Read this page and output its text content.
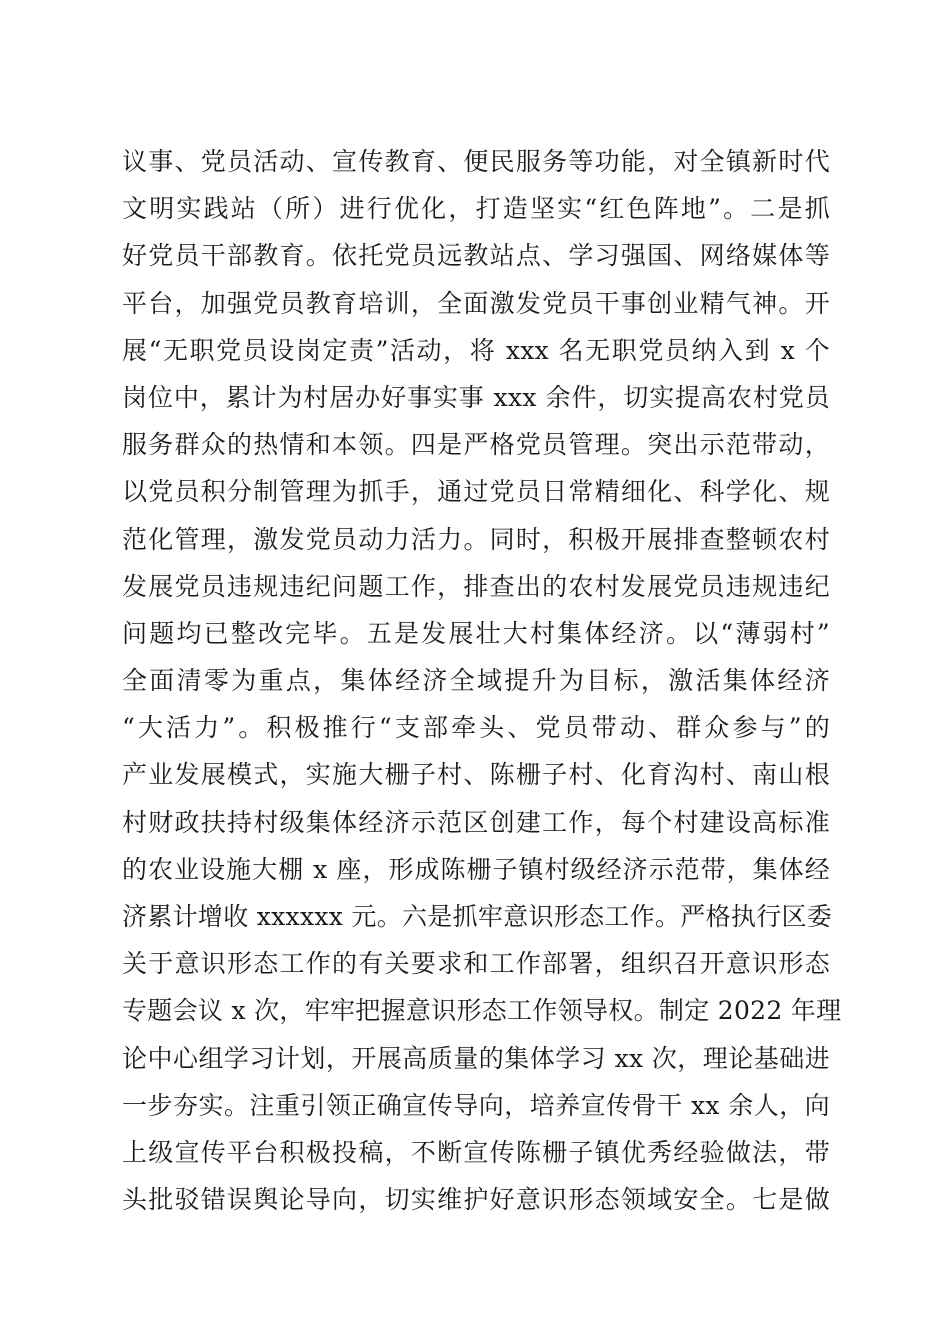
议事、党员活动、宣传教育、便民服务等功能，对全镇新时代
文明实践站（所）进行优化，打造坚实“红色阵地”。二是抓
好党员干部教育。依托党员远教站点、学习强国、网络媒体等
平台，加强党员教育培训，全面激发党员干事创业精气神。开
展“无职党员设岗定责”活动，将 xxx 名无职党员纳入到 x 个
岗位中，累计为村居办好事实事 xxx 余件，切实提高农村党员
服务群众的热情和本领。四是严格党员管理。突出示范带动，
以党员积分制管理为抓手，通过党员日常精细化、科学化、规
范化管理，激发党员动力活力。同时，积极开展排查整顿农村
发展党员违规违纪问题工作，排查出的农村发展党员违规违纪
问题均已整改完毕。五是发展壮大村集体经济。以“薄弱村”
全面清零为重点，集体经济全域提升为目标，激活集体经济
“大活力”。积极推行“支部牵头、党员带动、群众参与”的
产业发展模式，实施大栅子村、陈栅子村、化育沟村、南山根
村财政扶持村级集体经济示范区创建工作，每个村建设高标准
的农业设施大棚 x 座，形成陈栅子镇村级经济示范带，集体经
济累计增收 xxxxxx 元。六是抓牢意识形态工作。严格执行区委
关于意识形态工作的有关要求和工作部署，组织召开意识形态
专题会议 x 次，牢牢把握意识形态工作领导权。制定 2022 年理
论中心组学习计划，开展高质量的集体学习 xx 次，理论基础进
一步夯实。注重引领正确宣传导向，培养宣传骨干 xx 余人，向
上级宣传平台积极投稿，不断宣传陈栅子镇优秀经验做法，带
头批驳错误舆论导向，切实维护好意识形态领域安全。七是做
